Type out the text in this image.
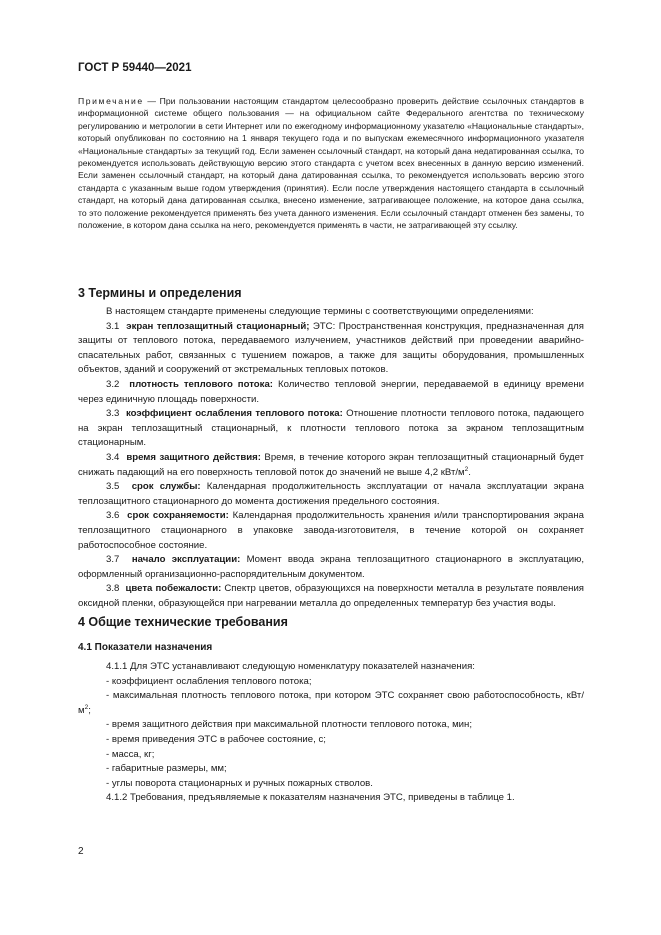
ГОСТ Р 59440—2021
Примечание — При пользовании настоящим стандартом целесообразно проверить действие ссылочных стандартов в информационной системе общего пользования — на официальном сайте Федерального агентства по техническому регулированию и метрологии в сети Интернет или по ежегодному информационному указателю «Национальные стандарты», который опубликован по состоянию на 1 января текущего года и по выпускам ежемесячного информационного указателя «Национальные стандарты» за текущий год. Если заменен ссылочный стандарт, на который дана недатированная ссылка, то рекомендуется использовать действующую версию этого стандарта с учетом всех внесенных в данную версию изменений. Если заменен ссылочный стандарт, на который дана датированная ссылка, то рекомендуется использовать версию этого стандарта с указанным выше годом утверждения (принятия). Если после утверждения настоящего стандарта в ссылочный стандарт, на который дана датированная ссылка, внесено изменение, затрагивающее положение, на которое дана ссылка, то это положение рекомендуется применять без учета данного изменения. Если ссылочный стандарт отменен без замены, то положение, в котором дана ссылка на него, рекомендуется применять в части, не затрагивающей эту ссылку.
3 Термины и определения

В настоящем стандарте применены следующие термины с соответствующими определениями:

3.1 экран теплозащитный стационарный; ЭТС: Пространственная конструкция, предназначенная для защиты от теплового потока, передаваемого излучением, участников действий при проведении аварийно-спасательных работ, связанных с тушением пожаров, а также для защиты оборудования, промышленных объектов, зданий и сооружений от экстремальных тепловых потоков.

3.2 плотность теплового потока: Количество тепловой энергии, передаваемой в единицу времени через единичную площадь поверхности.

3.3 коэффициент ослабления теплового потока: Отношение плотности теплового потока, падающего на экран теплозащитный стационарный, к плотности теплового потока за экраном теплозащитным стационарным.

3.4 время защитного действия: Время, в течение которого экран теплозащитный стационарный будет снижать падающий на его поверхность тепловой поток до значений не выше 4,2 кВт/$м^2$.

3.5 срок службы: Календарная продолжительность эксплуатации от начала эксплуатации экрана теплозащитного стационарного до момента достижения предельного состояния.

3.6 срок сохраняемости: Календарная продолжительность хранения и/или транспортирования экрана теплозащитного стационарного в упаковке завода-изготовителя, в течение которой он сохраняет работоспособное состояние.

3.7 начало эксплуатации: Момент ввода экрана теплозащитного стационарного в эксплуатацию, оформленный организационно-распорядительным документом.

3.8 цвета побежалости: Спектр цветов, образующихся на поверхности металла в результате появления оксидной пленки, образующейся при нагревании металла до определенных температур без участия воды.

4 Общие технические требования
4.1 Показатели назначения

4.1.1 Для ЭТС устанавливают следующую номенклатуру показателей назначения:

- коэффициент ослабления теплового потока;

- максимальная плотность теплового потока, при котором ЭТС сохраняет свою работоспособность, кВт/$м^2$;

- время защитного действия при максимальной плотности теплового потока, мин;

- время приведения ЭТС в рабочее состояние, с;

- масса, кг;

- габаритные размеры, мм;

- углы поворота стационарных и ручных пожарных стволов.

4.1.2 Требования, предъявляемые к показателям назначения ЭТС, приведены в таблице 1.

2
